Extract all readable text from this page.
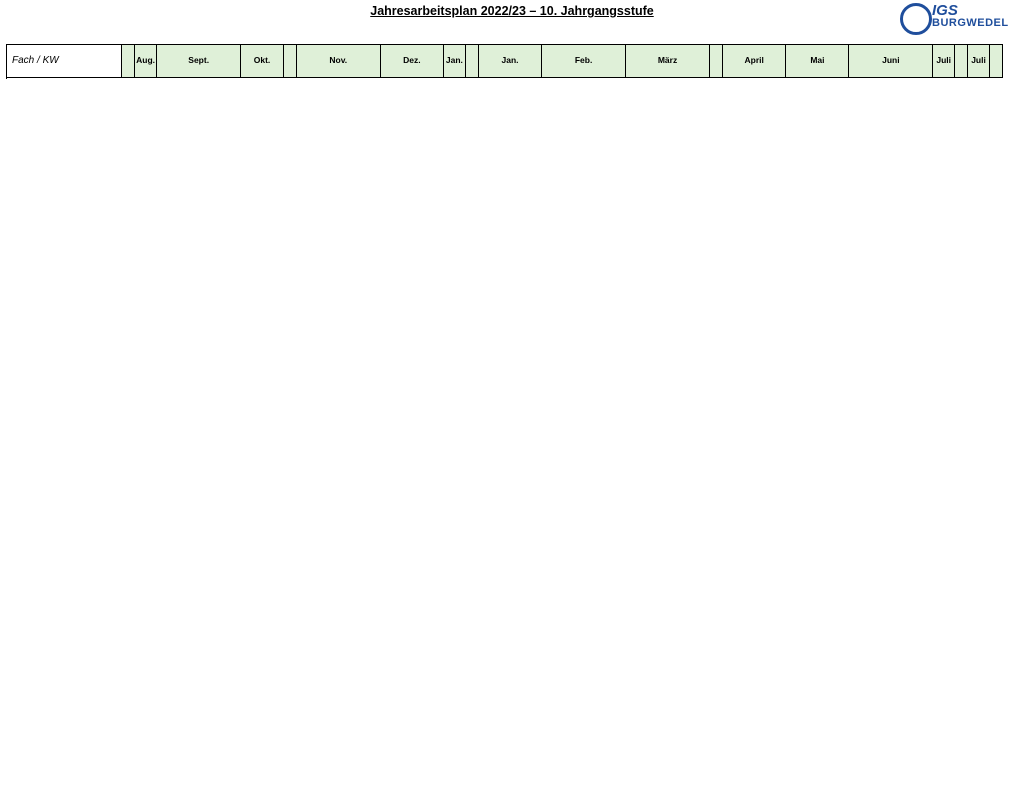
Jahresarbeitsplan 2022/23 – 10. Jahrgangsstufe	IGS
BURGWEDEL
Fach / KW		Aug.	Sept.	Okt.		Nov.	Dez.	Jan.		Jan.	Feb.	März		April	Mai	Juni	Juli		Juli	
